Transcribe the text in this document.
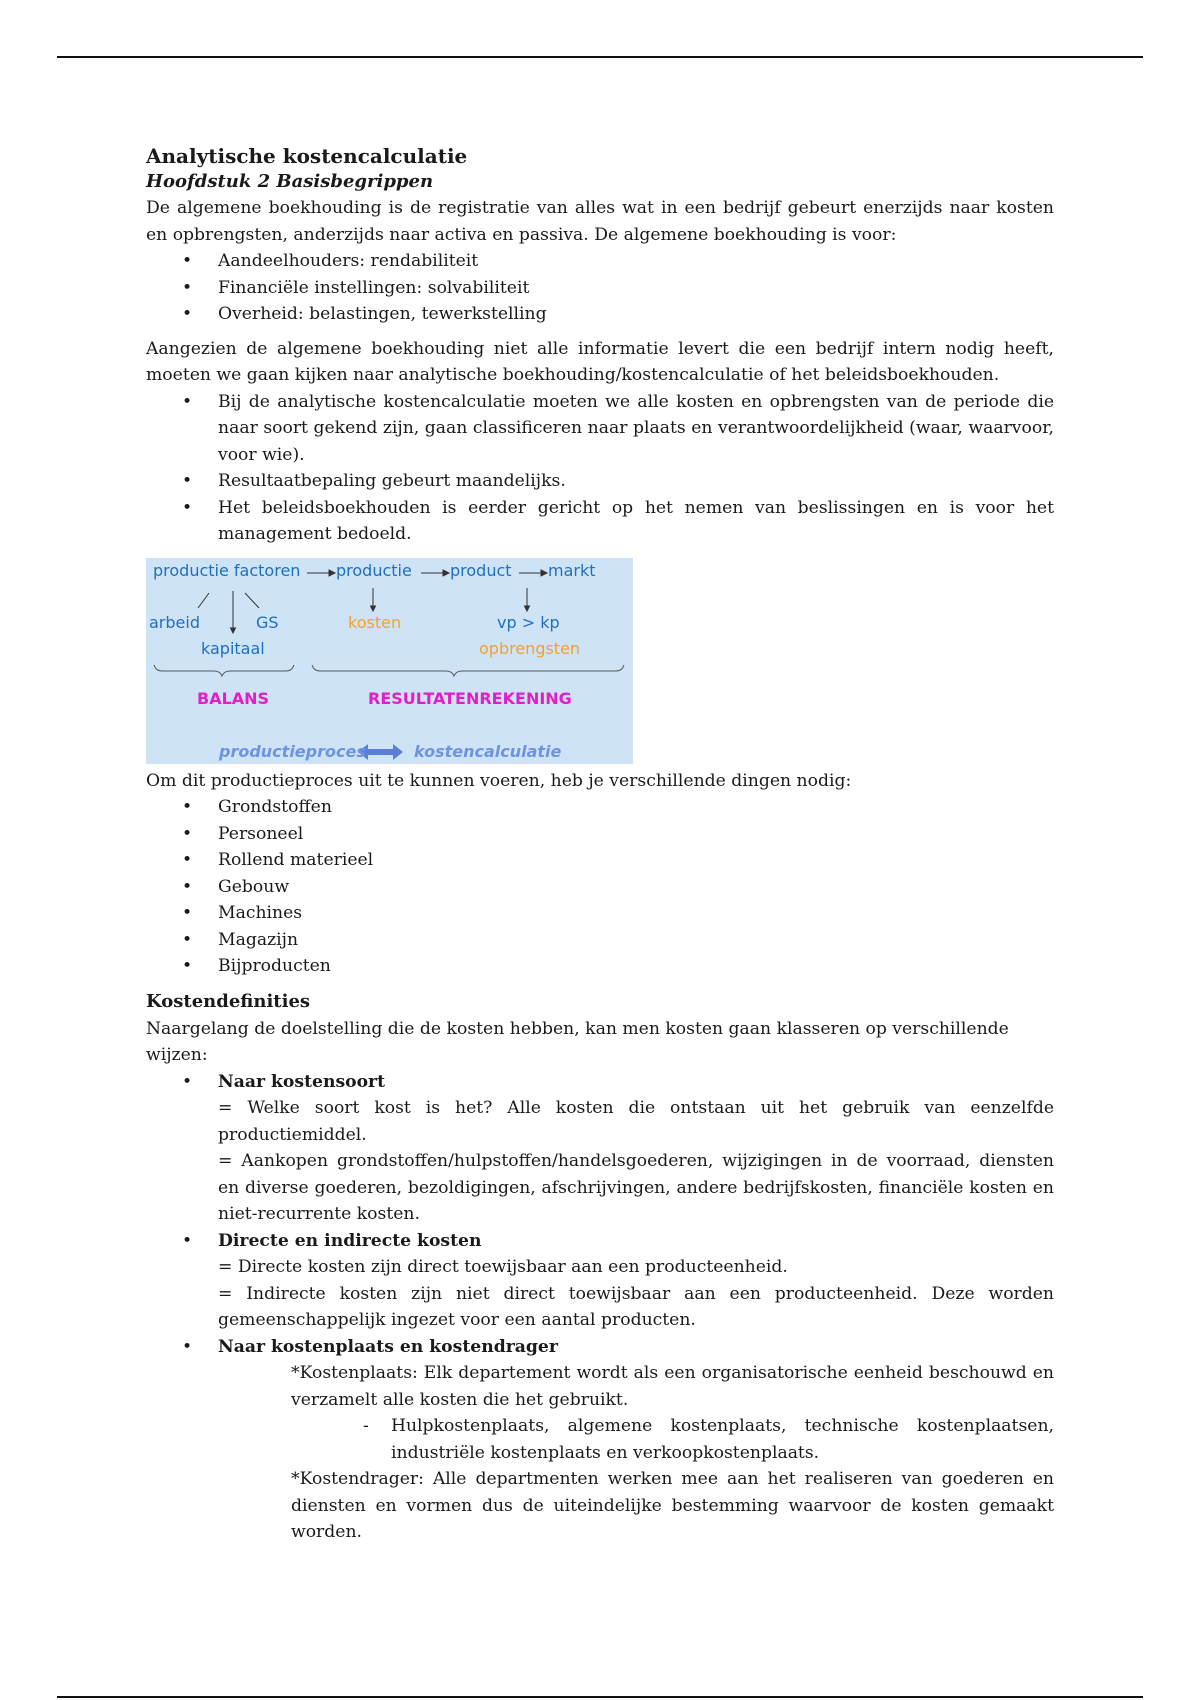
Analytische kostencalculatie
Hoofdstuk 2 Basisbegrippen

De algemene boekhouding is de registratie van alles wat in een bedrijf gebeurt enerzijds naar kosten en opbrengsten, anderzijds naar activa en passiva. De algemene boekhouding is voor:

• Aandeelhouders: rendabiliteit
• Financiële instellingen: solvabiliteit
• Overheid: belastingen, tewerkstelling

Aangezien de algemene boekhouding niet alle informatie levert die een bedrijf intern nodig heeft, moeten we gaan kijken naar analytische boekhouding/kostencalculatie of het beleidsboekhouden.

• Bij de analytische kostencalculatie moeten we alle kosten en opbrengsten van de periode die naar soort gekend zijn, gaan classificeren naar plaats en verantwoordelijkheid (waar, waarvoor, voor wie).
• Resultaatbepaling gebeurt maandelijks.
• Het beleidsboekhouden is eerder gericht op het nemen van beslissingen en is voor het management bedoeld.
productie factoren productie product markt
arbeid	GS
kapitaal
kosten	vp > kp
opbrengsten
BALANS	RESULTATENREKENING
productieproces	kostencalculatie

Om dit productieproces uit te kunnen voeren, heb je verschillende dingen nodig:

• Grondstoffen
• Personeel
• Rollend materieel
• Gebouw
• Machines
• Magazijn
• Bijproducten
Kostendefinities

Naargelang de doelstelling die de kosten hebben, kan men kosten gaan klasseren op verschillende wijzen:

• Naar kostensoort
= Welke soort kost is het? Alle kosten die ontstaan uit het gebruik van eenzelfde productiemiddel.
= Aankopen grondstoffen/hulpstoffen/handelsgoederen, wijzigingen in de voorraad, diensten en diverse goederen, bezoldigingen, afschrijvingen, andere bedrijfskosten, financiële kosten en niet-recurrente kosten.
• Directe en indirecte kosten
= Directe kosten zijn direct toewijsbaar aan een producteenheid.
= Indirecte kosten zijn niet direct toewijsbaar aan een producteenheid. Deze worden gemeenschappelijk ingezet voor een aantal producten.
• Naar kostenplaats en kostendrager

*Kostenplaats: Elk departement wordt als een organisatorische eenheid beschouwd en verzamelt alle kosten die het gebruikt.

-	Hulpkostenplaats, algemene kostenplaats, technische kostenplaatsen, industriële kostenplaats en verkoopkostenplaats.

*Kostendrager: Alle departmenten werken mee aan het realiseren van goederen en diensten en vormen dus de uiteindelijke bestemming waarvoor de kosten gemaakt worden.
